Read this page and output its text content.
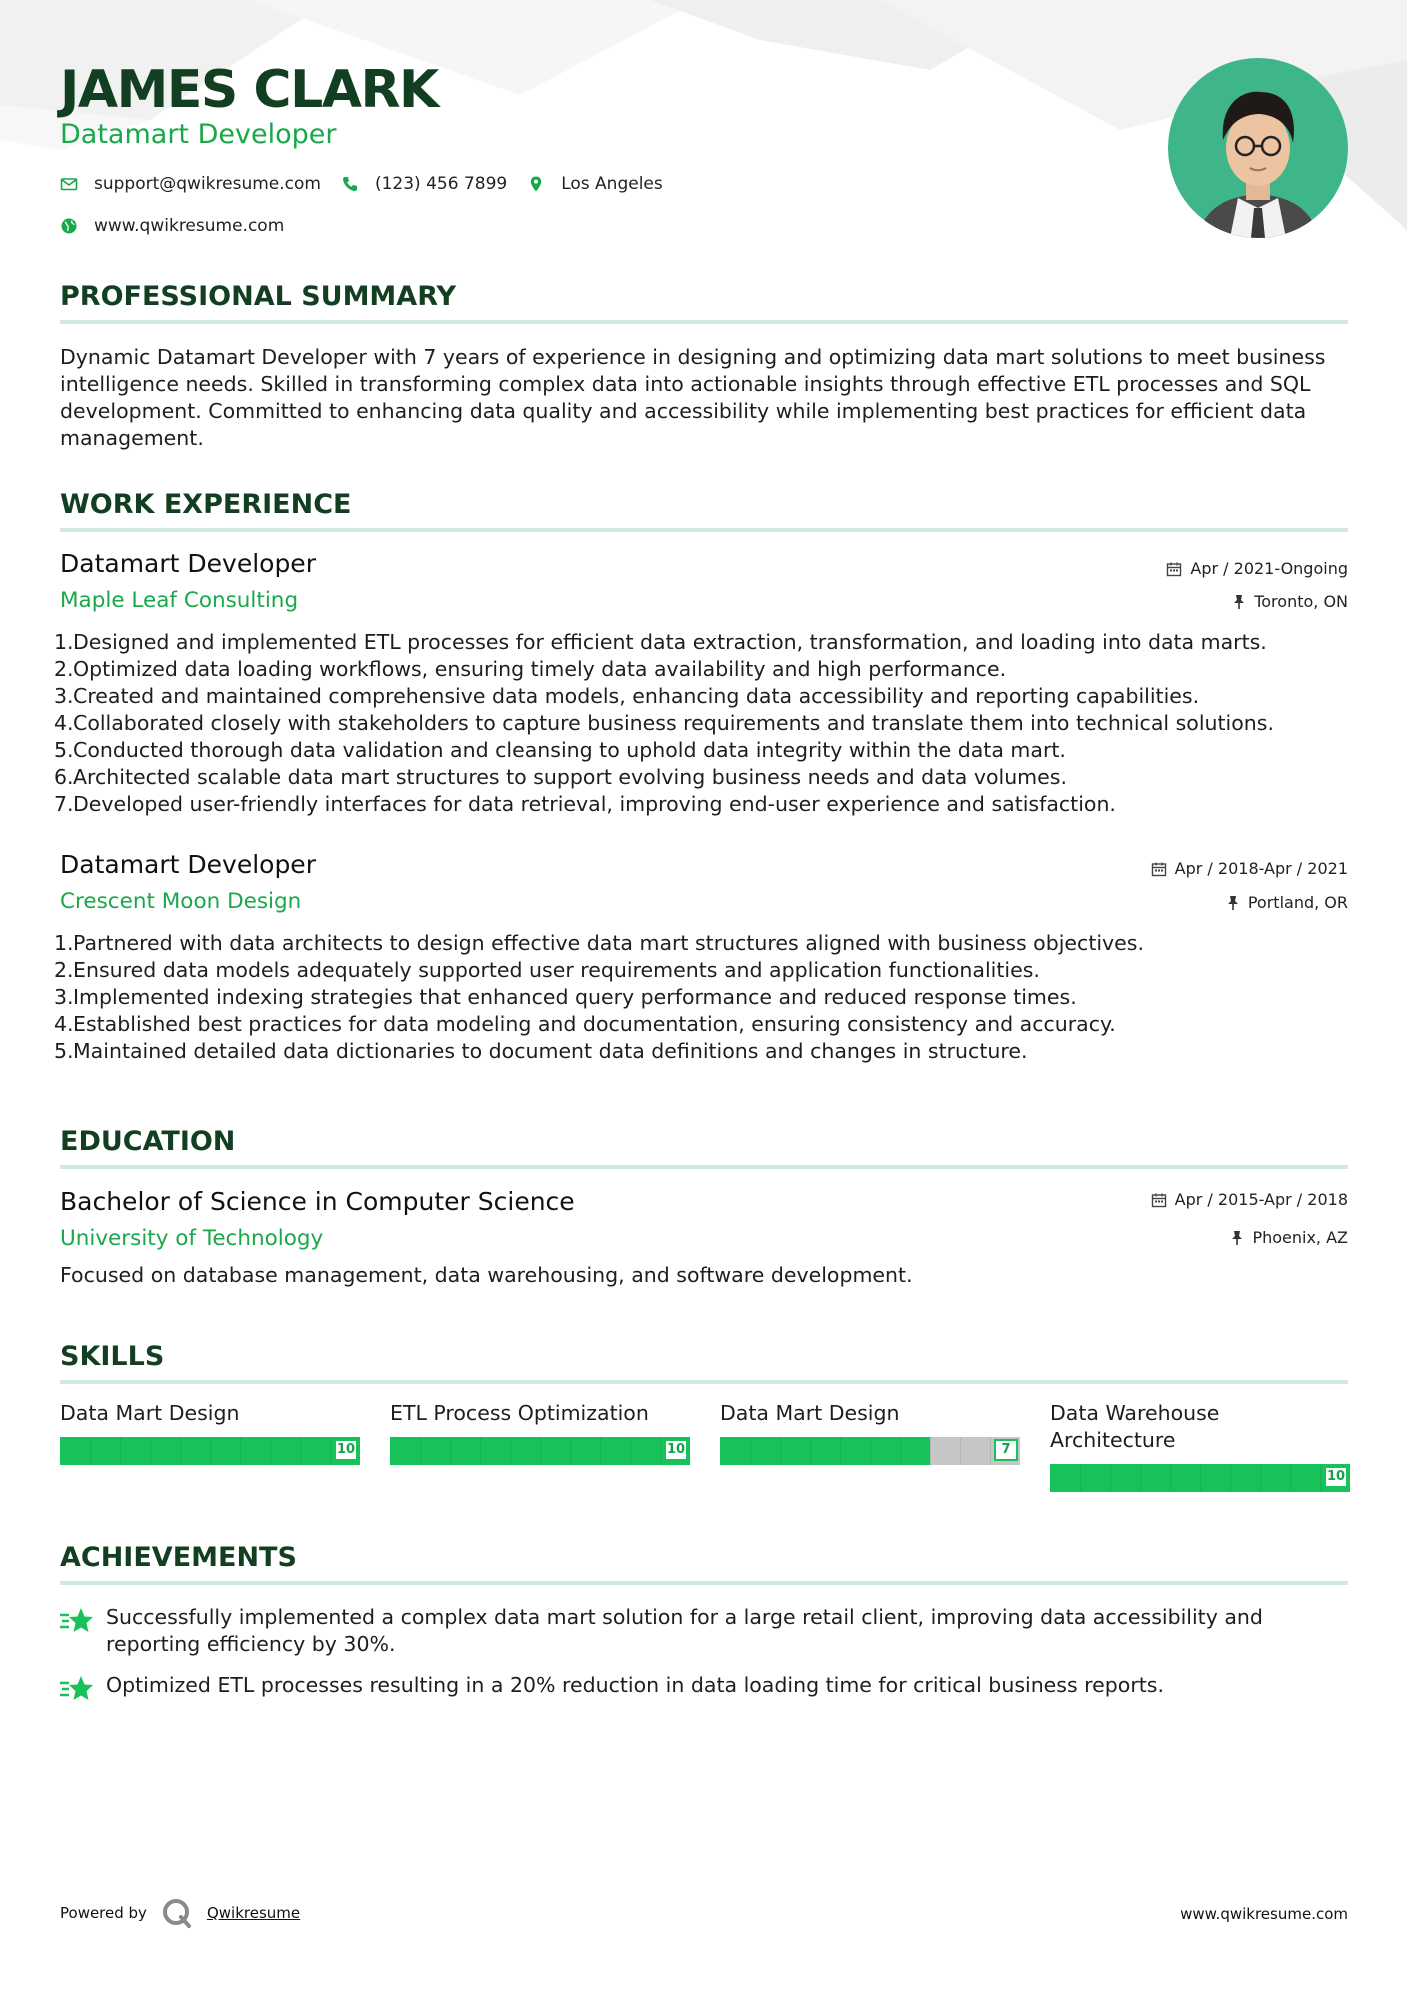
JAMES CLARK
Datamart Developer
support@qwikresume.com	(123) 456 7899	Los Angeles
www.qwikresume.com
PROFESSIONAL SUMMARY

Dynamic Datamart Developer with 7 years of experience in designing and optimizing data mart solutions to meet business intelligence needs. Skilled in transforming complex data into actionable insights through effective ETL processes and SQL development. Committed to enhancing data quality and accessibility while implementing best practices for efficient data management.

WORK EXPERIENCE
Datamart Developer	Apr / 2021-Ongoing
Maple Leaf Consulting	Toronto, ON
1. Designed and implemented ETL processes for efficient data extraction, transformation, and loading into data marts.
2. Optimized data loading workflows, ensuring timely data availability and high performance.
3. Created and maintained comprehensive data models, enhancing data accessibility and reporting capabilities.
4. Collaborated closely with stakeholders to capture business requirements and translate them into technical solutions.
5. Conducted thorough data validation and cleansing to uphold data integrity within the data mart.
6. Architected scalable data mart structures to support evolving business needs and data volumes.
7. Developed user-friendly interfaces for data retrieval, improving end-user experience and satisfaction.
Datamart Developer	Apr / 2018-Apr / 2021
Crescent Moon Design	Portland, OR
1. Partnered with data architects to design effective data mart structures aligned with business objectives.
2. Ensured data models adequately supported user requirements and application functionalities.
3. Implemented indexing strategies that enhanced query performance and reduced response times.
4. Established best practices for data modeling and documentation, ensuring consistency and accuracy.
5. Maintained detailed data dictionaries to document data definitions and changes in structure.
EDUCATION
Bachelor of Science in Computer Science	Apr / 2015-Apr / 2018
University of Technology	Phoenix, AZ
Focused on database management, data warehousing, and software development.
SKILLS
Data Mart Design
10
ETL Process Optimization
10
Data Mart Design
7
Data Warehouse Architecture
10
ACHIEVEMENTS
Successfully implemented a complex data mart solution for a large retail client, improving data accessibility and reporting efficiency by 30%.
Optimized ETL processes resulting in a 20% reduction in data loading time for critical business reports.
Powered by	Qwikresume	www.qwikresume.com
